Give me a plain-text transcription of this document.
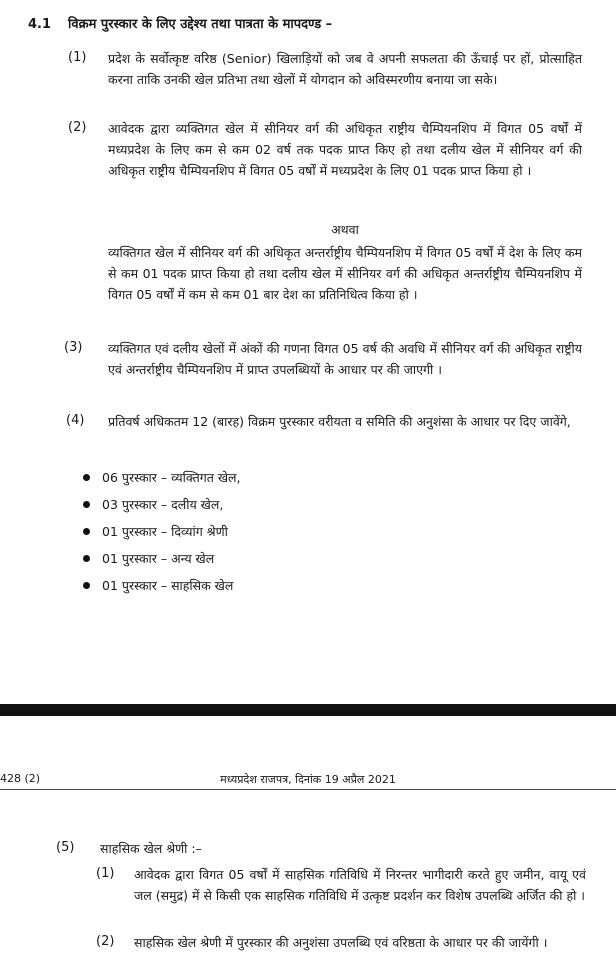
4.1 विक्रम पुरस्कार के लिए उद्देश्य तथा पात्रता के मापदण्ड –
(1) प्रदेश के सर्वोत्कृष्ट वरिष्ठ (Senior) खिलाड़ियों को जब वे अपनी सफलता की ऊँचाई पर हों, प्रोत्साहित करना ताकि उनकी खेल प्रतिभा तथा खेलों में योगदान को अविस्मरणीय बनाया जा सके।
(2) आवेदक द्वारा व्यक्तिगत खेल में सीनियर वर्ग की अधिकृत राष्ट्रीय चैम्पियनशिप में विगत 05 वर्षों में मध्यप्रदेश के लिए कम से कम 02 वर्ष तक पदक प्राप्त किए हो तथा दलीय खेल में सीनियर वर्ग की अधिकृत राष्ट्रीय चैम्पियनशिप में विगत 05 वर्षों में मध्यप्रदेश के लिए 01 पदक प्राप्त किया हो ।
अथवा
व्यक्तिगत खेल में सीनियर वर्ग की अधिकृत अन्तर्राष्ट्रीय चैम्पियनशिप में विगत 05 वर्षों में देश के लिए कम से कम 01 पदक प्राप्त किया हो तथा दलीय खेल में सीनियर वर्ग की अधिकृत अन्तर्राष्ट्रीय चैम्पियनशिप में विगत 05 वर्षों में कम से कम 01 बार देश का प्रतिनिधित्व किया हो ।
(3) व्यक्तिगत एवं दलीय खेलों में अंकों की गणना विगत 05 वर्ष की अवधि में सीनियर वर्ग की अधिकृत राष्ट्रीय एवं अन्तर्राष्ट्रीय चैम्पियनशिप में प्राप्त उपलब्धियों के आधार पर की जाएगी ।
(4) प्रतिवर्ष अधिकतम 12 (बारह) विक्रम पुरस्कार वरीयता व समिति की अनुशंसा के आधार पर दिए जावेंगे,
06 पुरस्कार – व्यक्तिगत खेल,
03 पुरस्कार – दलीय खेल,
01 पुरस्कार – दिव्यांग श्रेणी
01 पुरस्कार – अन्य खेल
01 पुरस्कार – साहसिक खेल
428 (2)	मध्यप्रदेश राजपत्र, दिनांक 19 अप्रैल 2021
(5) साहसिक खेल श्रेणी :–
(1) आवेदक द्वारा विगत 05 वर्षों में साहसिक गतिविधि में निरन्तर भागीदारी करते हुए जमीन, वायू एवं जल (समुद्र) में से किसी एक साहसिक गतिविधि में उत्कृष्ट प्रदर्शन कर विशेष उपलब्धि अर्जित की हो ।
(2) साहसिक खेल श्रेणी में पुरस्कार की अनुशंसा उपलब्धि एवं वरिष्ठता के आधार पर की जायेंगी ।
